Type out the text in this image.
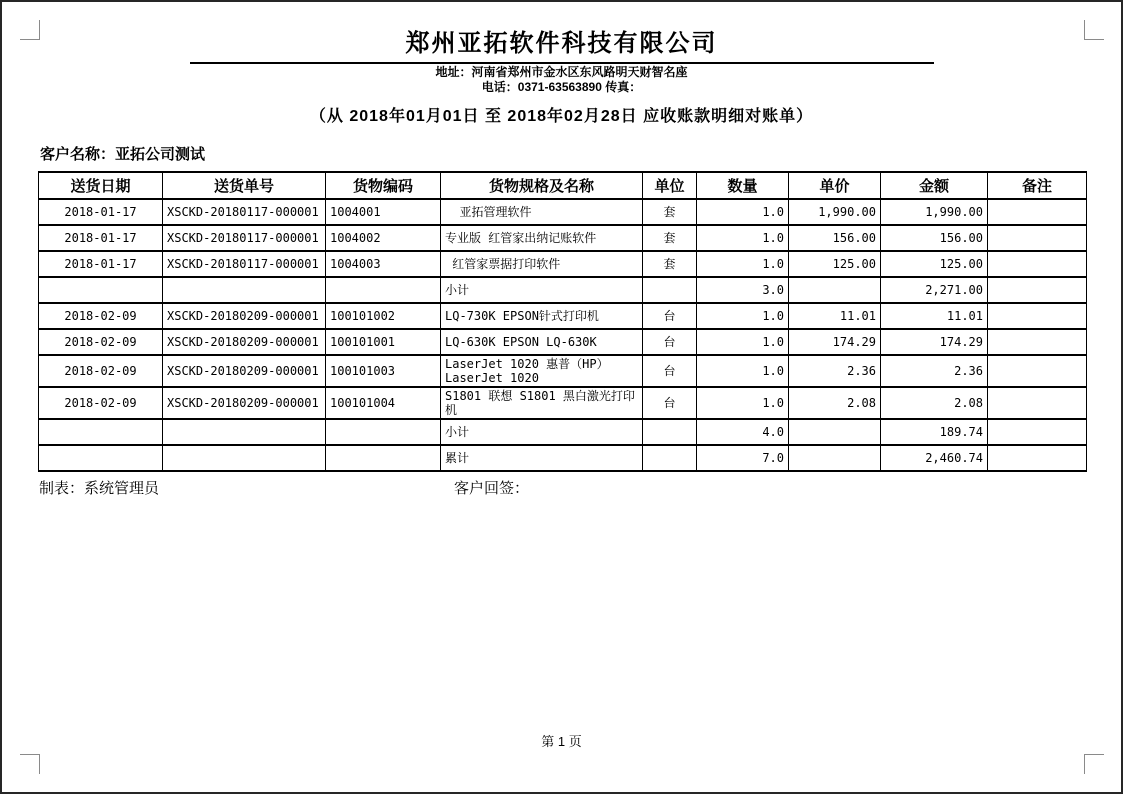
郑州亚拓软件科技有限公司
地址：河南省郑州市金水区东风路明天财智名座
电话：0371-63563890 传真：
（从 2018年01月01日 至 2018年02月28日 应收账款明细对账单）
客户名称：亚拓公司测试
送货日期	送货单号	货物编码	货物规格及名称	单位	数量	单价	金额	备注
2018-01-17	XSCKD-20180117-000001	1004001	亚拓管理软件	套	1.0	1,990.00	1,990.00	
2018-01-17	XSCKD-20180117-000001	1004002	专业版 红管家出纳记账软件	套	1.0	156.00	156.00	
2018-01-17	XSCKD-20180117-000001	1004003	红管家票据打印软件	套	1.0	125.00	125.00	
			小计		3.0		2,271.00	
2018-02-09	XSCKD-20180209-000001	100101002	LQ-730K EPSON针式打印机	台	1.0	11.01	11.01	
2018-02-09	XSCKD-20180209-000001	100101001	LQ-630K EPSON LQ-630K	台	1.0	174.29	174.29	
2018-02-09	XSCKD-20180209-000001	100101003	LaserJet 1020 惠普（HP）LaserJet 1020	台	1.0	2.36	2.36	
2018-02-09	XSCKD-20180209-000001	100101004	S1801 联想 S1801 黑白激光打印机	台	1.0	2.08	2.08	
			小计		4.0		189.74	
			累计		7.0		2,460.74	
制表：系统管理员	客户回签：
第 1 页
